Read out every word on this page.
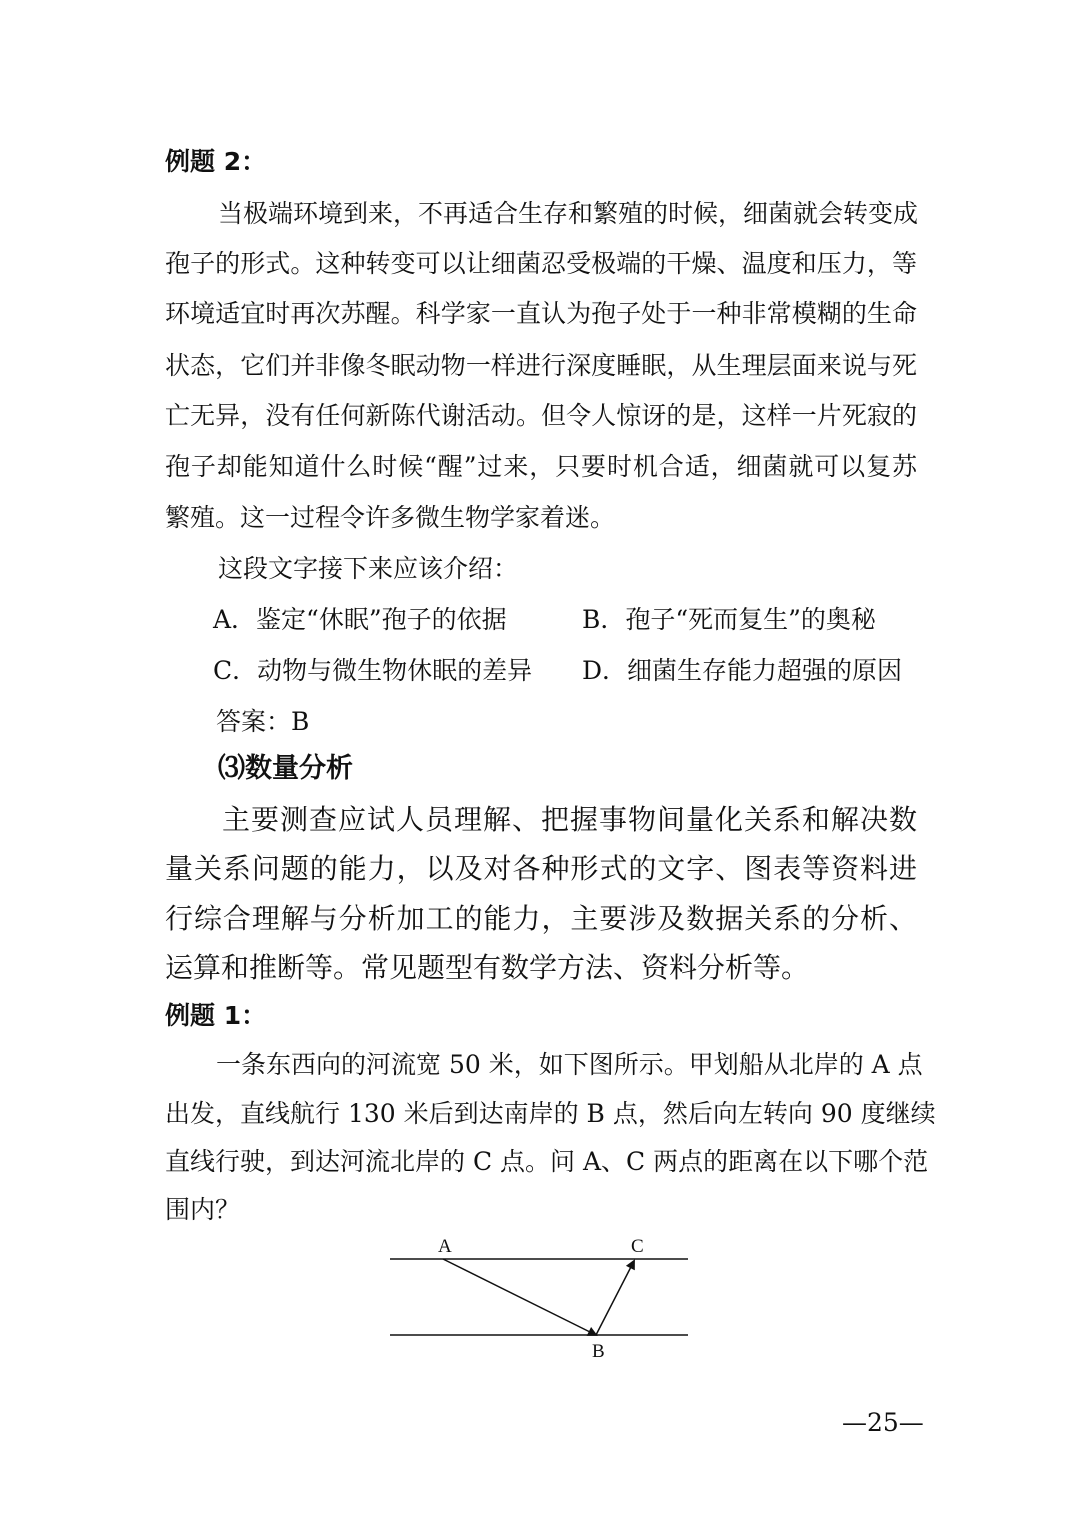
例题 2：
当极端环境到来，不再适合生存和繁殖的时候，细菌就会转变成
孢子的形式。这种转变可以让细菌忍受极端的干燥、温度和压力，等
环境适宜时再次苏醒。科学家一直认为孢子处于一种非常模糊的生命
状态，它们并非像冬眠动物一样进行深度睡眠，从生理层面来说与死
亡无异，没有任何新陈代谢活动。但令人惊讶的是，这样一片死寂的
孢子却能知道什么时候“醒”过来，只要时机合适，细菌就可以复苏
繁殖。这一过程令许多微生物学家着迷。
这段文字接下来应该介绍：
A．鉴定“休眠”孢子的依据	B．孢子“死而复生”的奥秘
C．动物与微生物休眠的差异 D．细菌生存能力超强的原因
答案：B
⑶数量分析
主要测查应试人员理解、把握事物间量化关系和解决数
量关系问题的能力，以及对各种形式的文字、图表等资料进
行综合理解与分析加工的能力，主要涉及数据关系的分析、
运算和推断等。常见题型有数学方法、资料分析等。
例题 1：
一条东西向的河流宽 50 米，如下图所示。甲划船从北岸的 A 点
出发，直线航行 130 米后到达南岸的 B 点，然后向左转向 90 度继续
直线行驶，到达河流北岸的 C 点。问 A、C 两点的距离在以下哪个范
围内？
A	C
B
—25—
